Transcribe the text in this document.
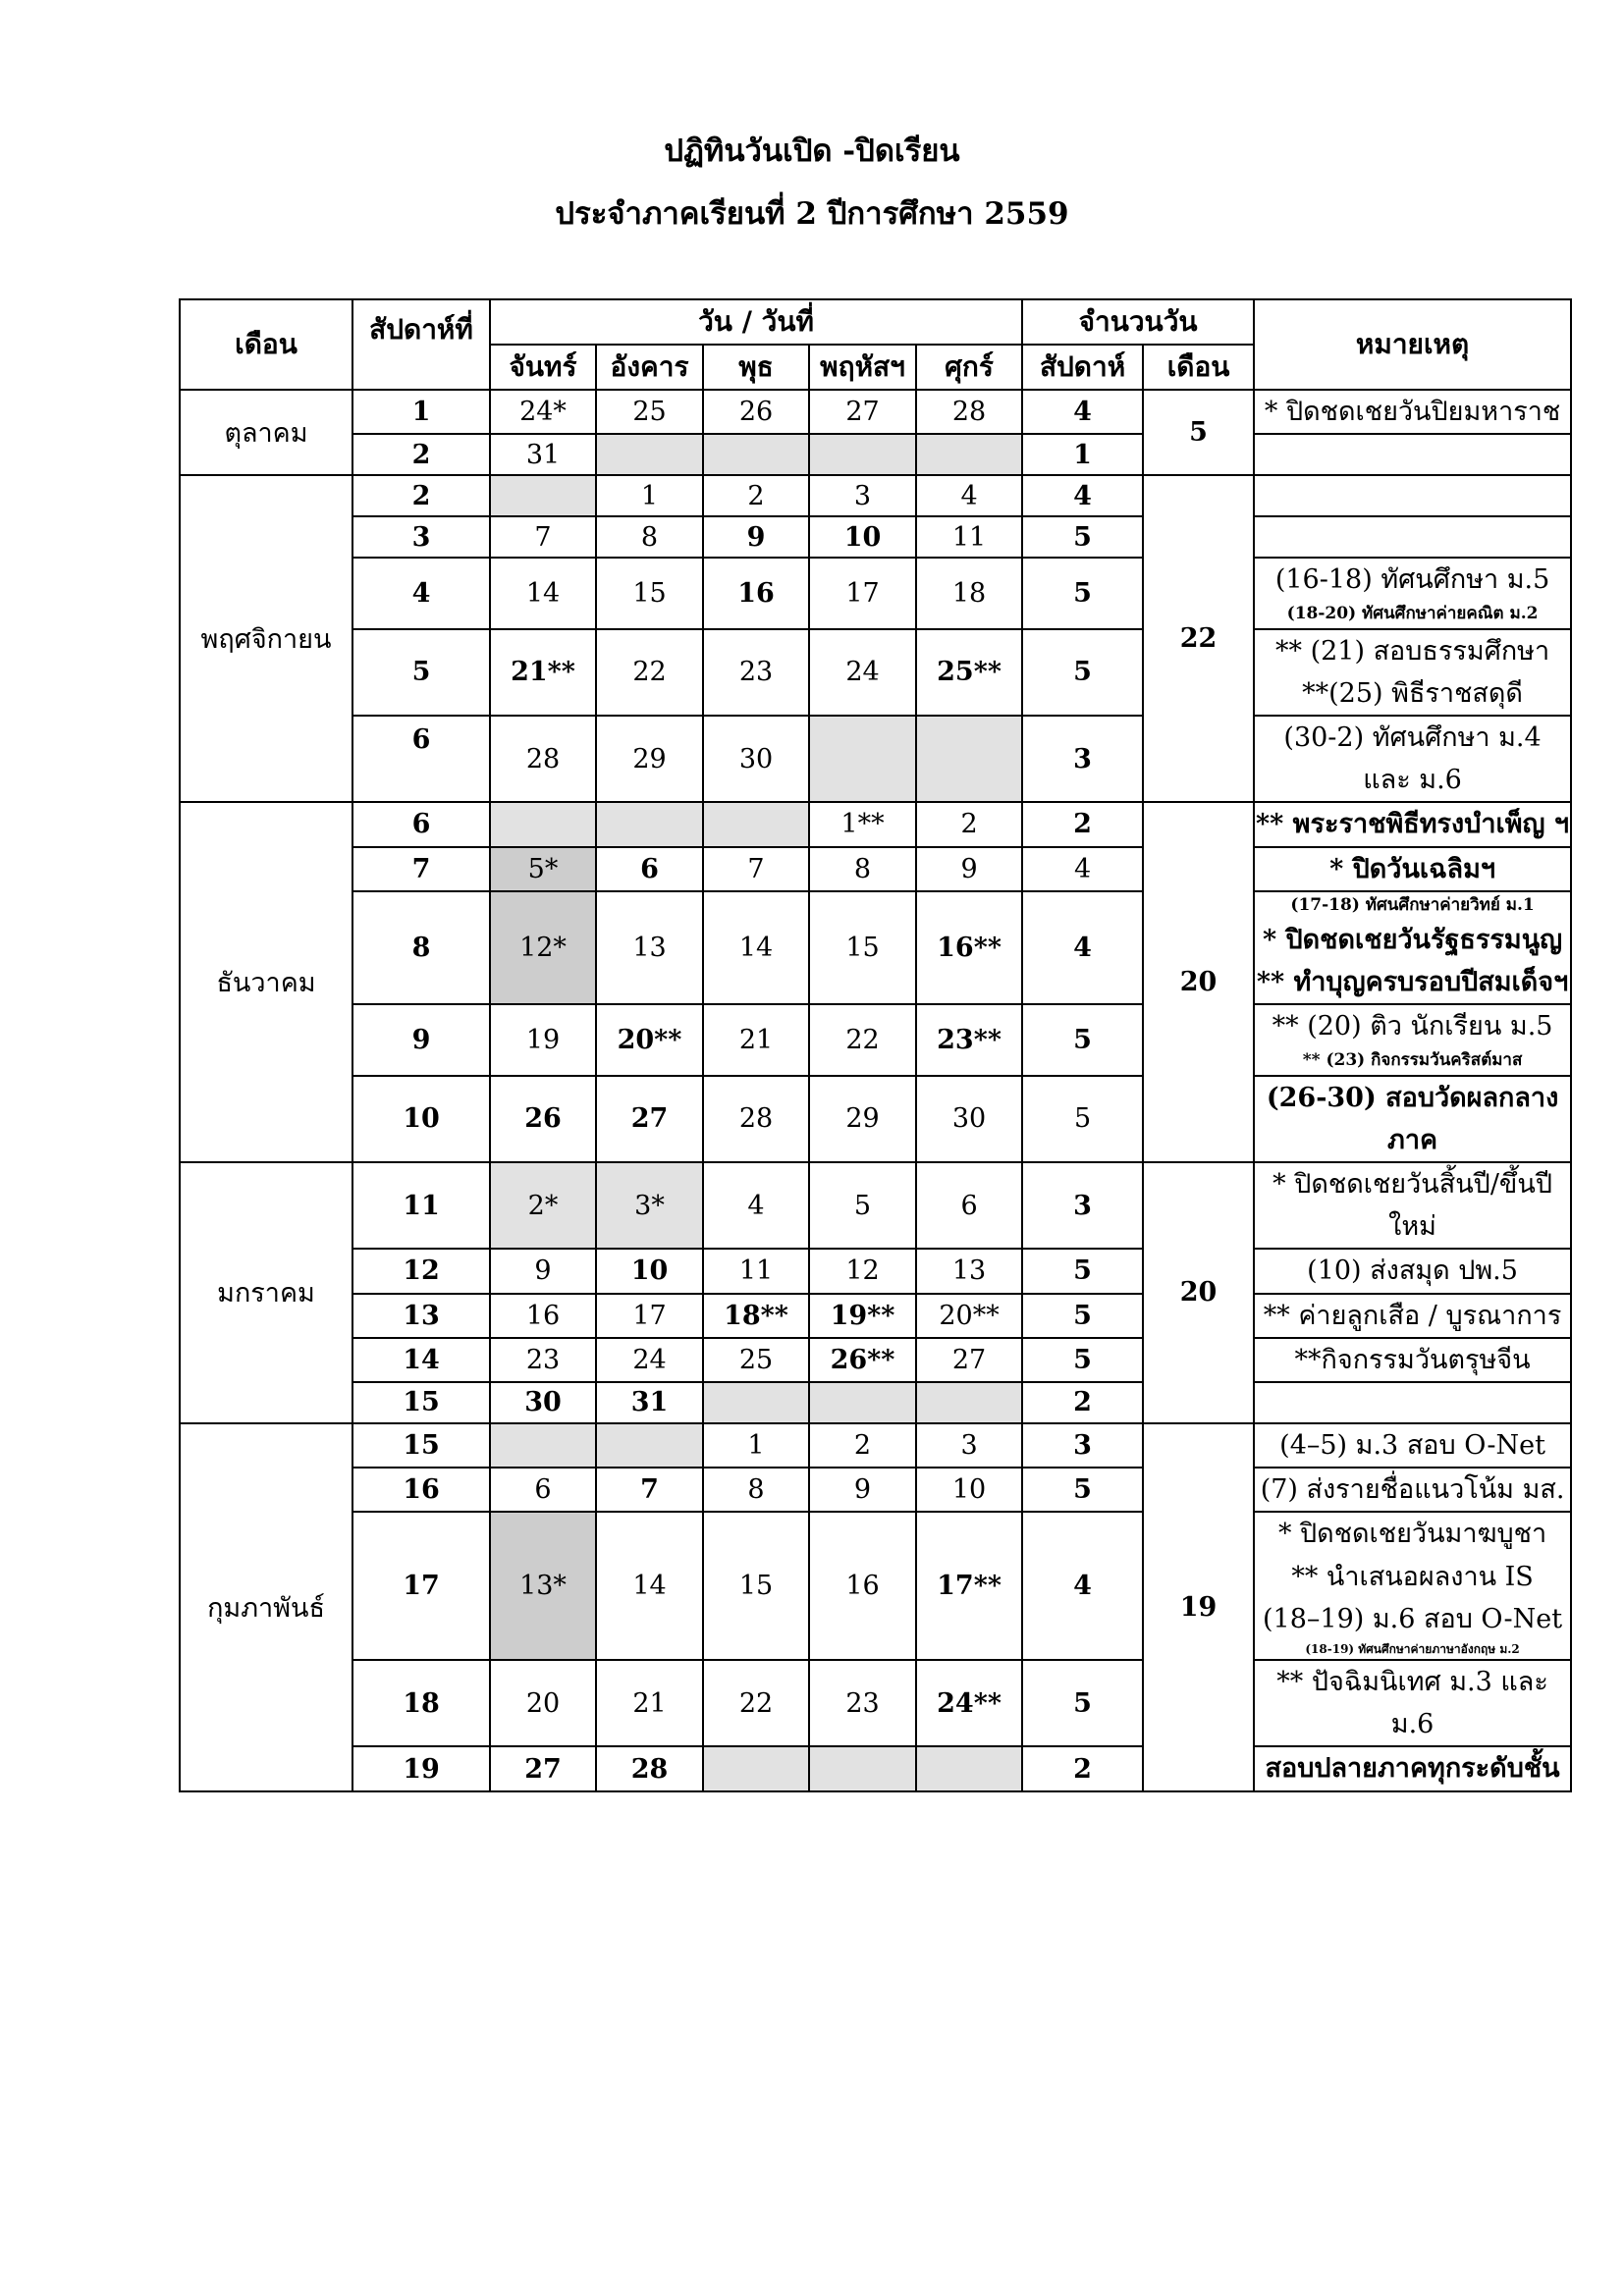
ปฏิทินวันเปิด -ปิดเรียน
ประจำภาคเรียนที่ 2 ปีการศึกษา 2559
เดือน	สัปดาห์ที่	วัน / วันที่					จำนวนวัน		หมายเหตุ
		จันทร์	อังคาร	พุธ	พฤหัสฯ	ศุกร์	สัปดาห์	เดือน	
ตุลาคม	1	24*	25	26	27	28	4	5	* ปิดชดเชยวันปิยมหาราช

	2	31					1		
พฤศจิกายน	2		1	2	3	4	4	22	
	3	7	8	9	10	11	5		
	4	14	15	16	17	18	5		(16-18) ทัศนศึกษา ม.5
(18-20) ทัศนศึกษาค่ายคณิต ม.2

	5	21**	22	23	24	25**	5		** (21) สอบธรรมศึกษา
**(25) พิธีราชสดุดี

	6	28	29	30			3		(30-2) ทัศนศึกษา ม.4
และ ม.6

ธันวาคม	6				1**	2	2	20	** พระราชพิธีทรงบำเพ็ญ ฯ

	7	5*	6	7	8	9	4		* ปิดวันเฉลิมฯ

	8	12*	13	14	15	16**	4		(17-18) ทัศนศึกษาค่ายวิทย์ ม.1
* ปิดชดเชยวันรัฐธรรมนูญ
** ทำบุญครบรอบปีสมเด็จฯ

	9	19	20**	21	22	23**	5		** (20) ติว นักเรียน ม.5
** (23) กิจกรรมวันคริสต์มาส

	10	26	27	28	29	30	5		(26-30) สอบวัดผลกลางภาค

มกราคม	11	2*	3*	4	5	6	3	20	* ปิดชดเชยวันสิ้นปี/ขึ้นปีใหม่

	12	9	10	11	12	13	5		(10) ส่งสมุด ปพ.5

	13	16	17	18**	19**	20**	5		** ค่ายลูกเสือ / บูรณาการ

	14	23	24	25	26**	27	5		**กิจกรรมวันตรุษจีน

	15	30	31				2		
กุมภาพันธ์	15			1	2	3	3	19	(4–5) ม.3 สอบ O-Net

	16	6	7	8	9	10	5		(7) ส่งรายชื่อแนวโน้ม มส.

	17	13*	14	15	16	17**	4		* ปิดชดเชยวันมาฆบูชา
** นำเสนอผลงาน IS
(18–19) ม.6 สอบ O-Net
(18-19) ทัศนศึกษาค่ายภาษาอังกฤษ ม.2

	18	20	21	22	23	24**	5		** ปัจฉิมนิเทศ ม.3 และ
ม.6

	19	27	28				2		สอบปลายภาคทุกระดับชั้น
